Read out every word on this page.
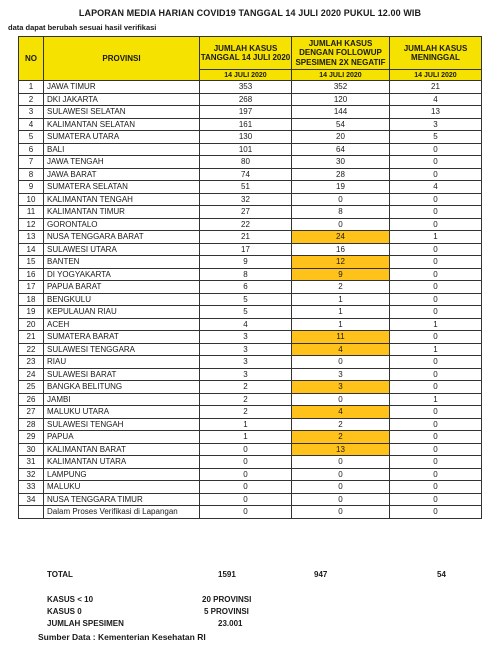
LAPORAN MEDIA HARIAN COVID19 TANGGAL 14 JULI 2020 PUKUL 12.00 WIB
data dapat berubah sesuai hasil verifikasi
NO	PROVINSI	JUMLAH KASUS TANGGAL 14 JULI 2020	JUMLAH KASUS DENGAN FOLLOWUP SPESIMEN 2X NEGATIF	JUMLAH KASUS MENINGGAL
		14 JULI 2020	14 JULI 2020	14 JULI 2020
1	JAWA TIMUR	353	352	21
2	DKI JAKARTA	268	120	4
3	SULAWESI SELATAN	197	144	13
4	KALIMANTAN SELATAN	161	54	3
5	SUMATERA UTARA	130	20	5
6	BALI	101	64	0
7	JAWA TENGAH	80	30	0
8	JAWA BARAT	74	28	0
9	SUMATERA SELATAN	51	19	4
10	KALIMANTAN TENGAH	32	0	0
11	KALIMANTAN TIMUR	27	8	0
12	GORONTALO	22	0	0
13	NUSA TENGGARA BARAT	21	24	1
14	SULAWESI UTARA	17	16	0
15	BANTEN	9	12	0
16	DI YOGYAKARTA	8	9	0
17	PAPUA BARAT	6	2	0
18	BENGKULU	5	1	0
19	KEPULAUAN RIAU	5	1	0
20	ACEH	4	1	1
21	SUMATERA BARAT	3	11	0
22	SULAWESI TENGGARA	3	4	1
23	RIAU	3	0	0
24	SULAWESI BARAT	3	3	0
25	BANGKA BELITUNG	2	3	0
26	JAMBI	2	0	1
27	MALUKU UTARA	2	4	0
28	SULAWESI TENGAH	1	2	0
29	PAPUA	1	2	0
30	KALIMANTAN BARAT	0	13	0
31	KALIMANTAN UTARA	0	0	0
32	LAMPUNG	0	0	0
33	MALUKU	0	0	0
34	NUSA TENGGARA TIMUR	0	0	0
	Dalam Proses Verifikasi di Lapangan	0	0	0
TOTAL	1591	947	54
KASUS < 10	20 PROVINSI
KASUS 0	5 PROVINSI
JUMLAH SPESIMEN	23.001
Sumber Data : Kementerian Kesehatan RI
